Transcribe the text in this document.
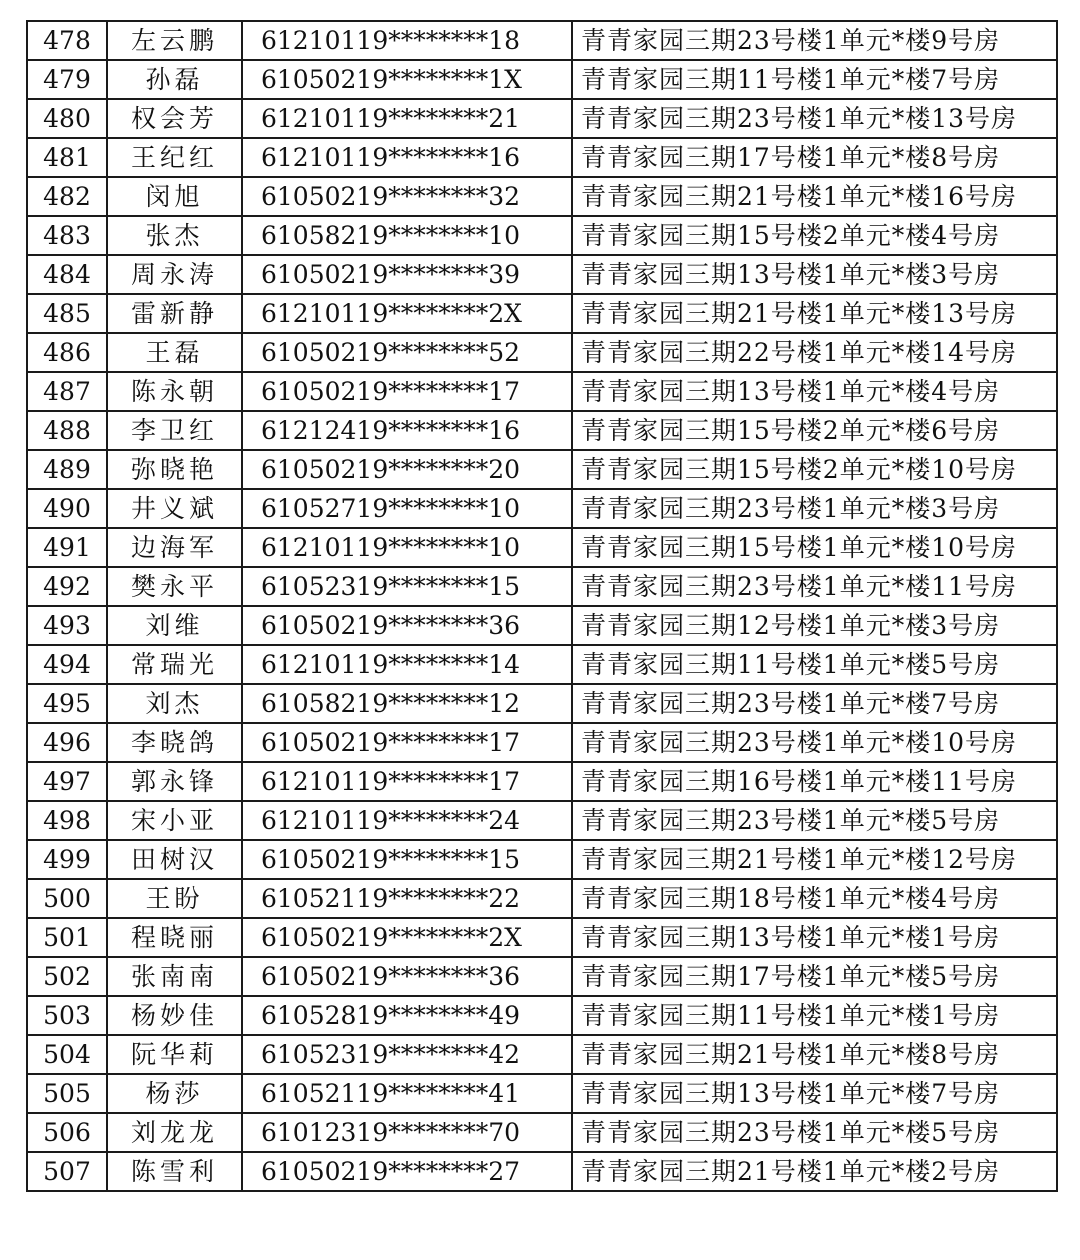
478	左云鹏	61210119********18	青青家园三期23号楼1单元*楼9号房
479	孙磊	61050219********1X	青青家园三期11号楼1单元*楼7号房
480	权会芳	61210119********21	青青家园三期23号楼1单元*楼13号房
481	王纪红	61210119********16	青青家园三期17号楼1单元*楼8号房
482	闵旭	61050219********32	青青家园三期21号楼1单元*楼16号房
483	张杰	61058219********10	青青家园三期15号楼2单元*楼4号房
484	周永涛	61050219********39	青青家园三期13号楼1单元*楼3号房
485	雷新静	61210119********2X	青青家园三期21号楼1单元*楼13号房
486	王磊	61050219********52	青青家园三期22号楼1单元*楼14号房
487	陈永朝	61050219********17	青青家园三期13号楼1单元*楼4号房
488	李卫红	61212419********16	青青家园三期15号楼2单元*楼6号房
489	弥晓艳	61050219********20	青青家园三期15号楼2单元*楼10号房
490	井义斌	61052719********10	青青家园三期23号楼1单元*楼3号房
491	边海军	61210119********10	青青家园三期15号楼1单元*楼10号房
492	樊永平	61052319********15	青青家园三期23号楼1单元*楼11号房
493	刘维	61050219********36	青青家园三期12号楼1单元*楼3号房
494	常瑞光	61210119********14	青青家园三期11号楼1单元*楼5号房
495	刘杰	61058219********12	青青家园三期23号楼1单元*楼7号房
496	李晓鸽	61050219********17	青青家园三期23号楼1单元*楼10号房
497	郭永锋	61210119********17	青青家园三期16号楼1单元*楼11号房
498	宋小亚	61210119********24	青青家园三期23号楼1单元*楼5号房
499	田树汉	61050219********15	青青家园三期21号楼1单元*楼12号房
500	王盼	61052119********22	青青家园三期18号楼1单元*楼4号房
501	程晓丽	61050219********2X	青青家园三期13号楼1单元*楼1号房
502	张南南	61050219********36	青青家园三期17号楼1单元*楼5号房
503	杨妙佳	61052819********49	青青家园三期11号楼1单元*楼1号房
504	阮华莉	61052319********42	青青家园三期21号楼1单元*楼8号房
505	杨莎	61052119********41	青青家园三期13号楼1单元*楼7号房
506	刘龙龙	61012319********70	青青家园三期23号楼1单元*楼5号房
507	陈雪利	61050219********27	青青家园三期21号楼1单元*楼2号房
